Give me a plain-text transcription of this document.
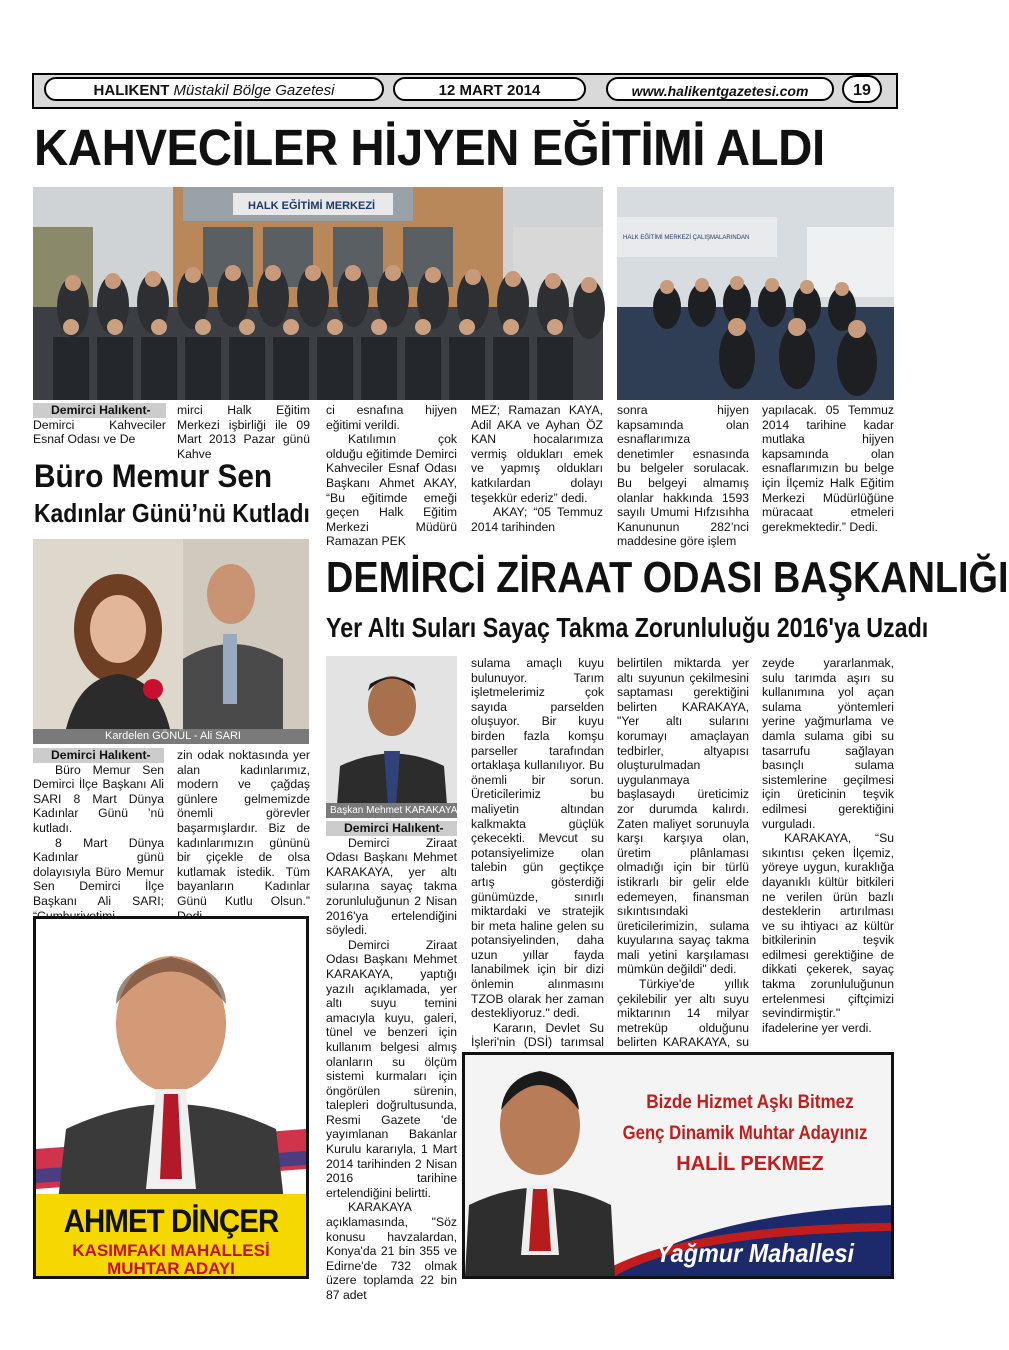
HALIKENT Müstakil Bölge Gazetesi	12 MART 2014	www.halikentgazetesi.com	19
KAHVECİLER HİJYEN EĞİTİMİ ALDI
HALK EĞİTİMİ MERKEZİ
HALK EĞİTİMİ MERKEZİ ÇALIŞMALARINDAN
Demirci Halıkent-

Demirci Kahveciler Esnaf Odası ve De

mirci Halk Eğitim Merkezi işbirliği ile 09 Mart 2013 Pazar günü Kahve

ci esnafına hijyen eğitimi verildi.

Katılımın çok olduğu eğitimde Demirci Kahveciler Esnaf Odası Başkanı Ahmet AKAY, “Bu eğitimde emeği geçen Halk Eğitim Merkezi Müdürü Ramazan PEK

MEZ; Ramazan KAYA, Adil AKA ve Ayhan ÖZ KAN hocalarımıza vermiş oldukları emek ve yapmış oldukları katkılardan dolayı teşekkür ederiz” dedi.

AKAY; “05 Temmuz 2014 tarihinden

sonra hijyen kapsamında olan esnaflarımıza denetimler esnasında bu belgeler sorulacak. Bu belgeyi almamış olanlar hakkında 1593 sayılı Umumi Hıfzısıhha Kanununun 282’nci maddesine göre işlem

yapılacak. 05 Temmuz 2014 tarihine kadar mutlaka hijyen kapsamında olan esnaflarımızın bu belge için İlçemiz Halk Eğitim Merkezi Müdürlüğüne müracaat etmeleri gerekmektedir.” Dedi.

Büro Memur Sen
Kadınlar Günü’nü Kutladı
Kardelen GÖNÜL - Ali SARI
Demirci Halıkent-

Büro Memur Sen Demirci İlçe Başkanı Ali SARI 8 Mart Dünya Kadınlar Günü ’nü kutladı.

8 Mart Dünya Kadınlar günü dolayısıyla Büro Memur Sen Demirci İlçe Başkanı Ali SARI;

zin odak noktasında yer alan kadınlarımız, modern ve çağdaş günlere gelmemizde önemli görevler başarmışlardır. Biz de kadınlarımızın gününü bir çiçekle de olsa kutlamak istedik. Tüm bayanların Kadınlar Günü Kutlu Olsun.”

DEMİRCİ ZİRAAT ODASI BAŞKANLIĞI
Yer Altı Suları Sayaç Takma Zorunluluğu 2016'ya Uzadı
Başkan Mehmet KARAKAYA
Demirci Halıkent-

Demirci Ziraat Odası Başkanı Mehmet KARAKAYA, yer altı sularına sayaç takma zorunluluğunun 2 Nisan 2016'ya ertelendiğini söyledi.

Demirci Ziraat Odası Başkanı Mehmet KARAKAYA, yaptığı yazılı açıklamada, yer altı suyu temini amacıyla kuyu, galeri, tünel ve benzeri için kullanım belgesi almış olanların su ölçüm sistemi kurmaları için öngörülen sürenin, talepleri doğrultusunda, Resmi Gazete 'de yayımlanan Bakanlar Kurulu kararıyla, 1 Mart 2014 tarihinden 2 Nisan 2016 tarihine ertelendiğini belirtti.

KARAKAYA açıklamasında, "Söz konusu havzalardan, Konya'da 21 bin 355 ve Edirne'de 732 olmak üzere toplamda 22 bin 87 adet

sulama amaçlı kuyu bulunuyor. Tarım işletmelerimiz çok sayıda parselden oluşuyor. Bir kuyu birden fazla komşu parseller tarafından ortaklaşa kullanılıyor. Bu önemli bir sorun. Üreticilerimiz bu maliyetin altından kalkmakta güçlük çekecekti. Mevcut su potansiyelimize olan talebin gün geçtikçe artış gösterdiği günümüzde, sınırlı miktardaki ve stratejik bir meta haline gelen su potansiyelinden, daha uzun yıllar fayda lanabilmek için bir dizi önlemin alınmasını TZOB olarak her zaman destekliyoruz." dedi.

Kararın, Devlet Su İşleri'nin (DSİ) tarımsal

belirtilen miktarda yer altı suyunun çekilmesini saptaması gerektiğini belirten KARAKAYA, "Yer altı sularını korumayı amaçlayan tedbirler, altyapısı oluşturulmadan uygulanmaya başlasaydı üreticimiz zor durumda kalırdı. Zaten maliyet sorunuyla karşı karşıya olan, üretim plânlaması olmadığı için bir türlü istikrarlı bir gelir elde edemeyen, finansman sıkıntısındaki üreticilerimizin, sulama kuyularına sayaç takma mali yetini karşılaması mümkün değildi" dedi.

Türkiye'de yıllık çekilebilir yer altı suyu miktarının 14 milyar metreküp olduğunu belirten KARAKAYA, su

zeyde yararlanmak, sulu tarımda aşırı su kullanımına yol açan sulama yöntemleri yerine yağmurlama ve damla sulama gibi su tasarrufu sağlayan basınçlı sulama sistemlerine geçilmesi için üreticinin teşvik edilmesi gerektiğini vurguladı.

KARAKAYA, “Su sıkıntısı çeken İlçemiz, yöreye uygun, kuraklığa dayanıklı kültür bitkileri ne verilen ürün bazlı desteklerin artırılması ve su ihtiyacı az kültür bitkilerinin teşvik edilmesi gerektiğine de dikkati çekerek, sayaç takma zorunluluğunun ertelenmesi çiftçimizi sevindirmiştir." ifadelerine yer verdi.

AHMET DİNÇER
KASIMFAKI MAHALLESİ
MUHTAR ADAYI
Bizde Hizmet Aşkı Bitmez
Genç Dinamik Muhtar Adayınız
HALİL PEKMEZ
Yağmur Mahallesi
